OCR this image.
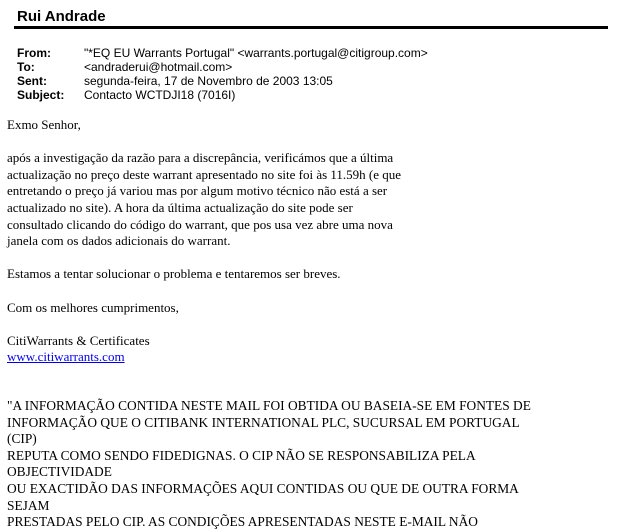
Rui Andrade
From:	"*EQ EU Warrants Portugal" <warrants.portugal@citigroup.com>
To:	<andraderui@hotmail.com>
Sent:	segunda-feira, 17 de Novembro de 2003 13:05
Subject:	Contacto WCTDJI18 (7016I)
Exmo Senhor,
após a investigação da razão para a discrepância, verificámos que a última
actualização no preço deste warrant apresentado no site foi às 11.59h (e que
entretando o preço já variou mas por algum motivo técnico não está a ser
actualizado no site). A hora da última actualização do site pode ser
consultado clicando do código do warrant, que pos usa vez abre uma nova
janela com os dados adicionais do warrant.
Estamos a tentar solucionar o problema e tentaremos ser breves.
Com os melhores cumprimentos,
CitiWarrants & Certificates
www.citiwarrants.com
"A INFORMAÇÃO CONTIDA NESTE MAIL FOI OBTIDA OU BASEIA-SE EM FONTES DE
INFORMAÇÃO QUE O CITIBANK INTERNATIONAL PLC, SUCURSAL EM PORTUGAL
(CIP)
REPUTA COMO SENDO FIDEDIGNAS. O CIP NÃO SE RESPONSABILIZA PELA
OBJECTIVIDADE
OU EXACTIDÃO DAS INFORMAÇÕES AQUI CONTIDAS OU QUE DE OUTRA FORMA
SEJAM
PRESTADAS PELO CIP. AS CONDIÇÕES APRESENTADAS NESTE E-MAIL NÃO
